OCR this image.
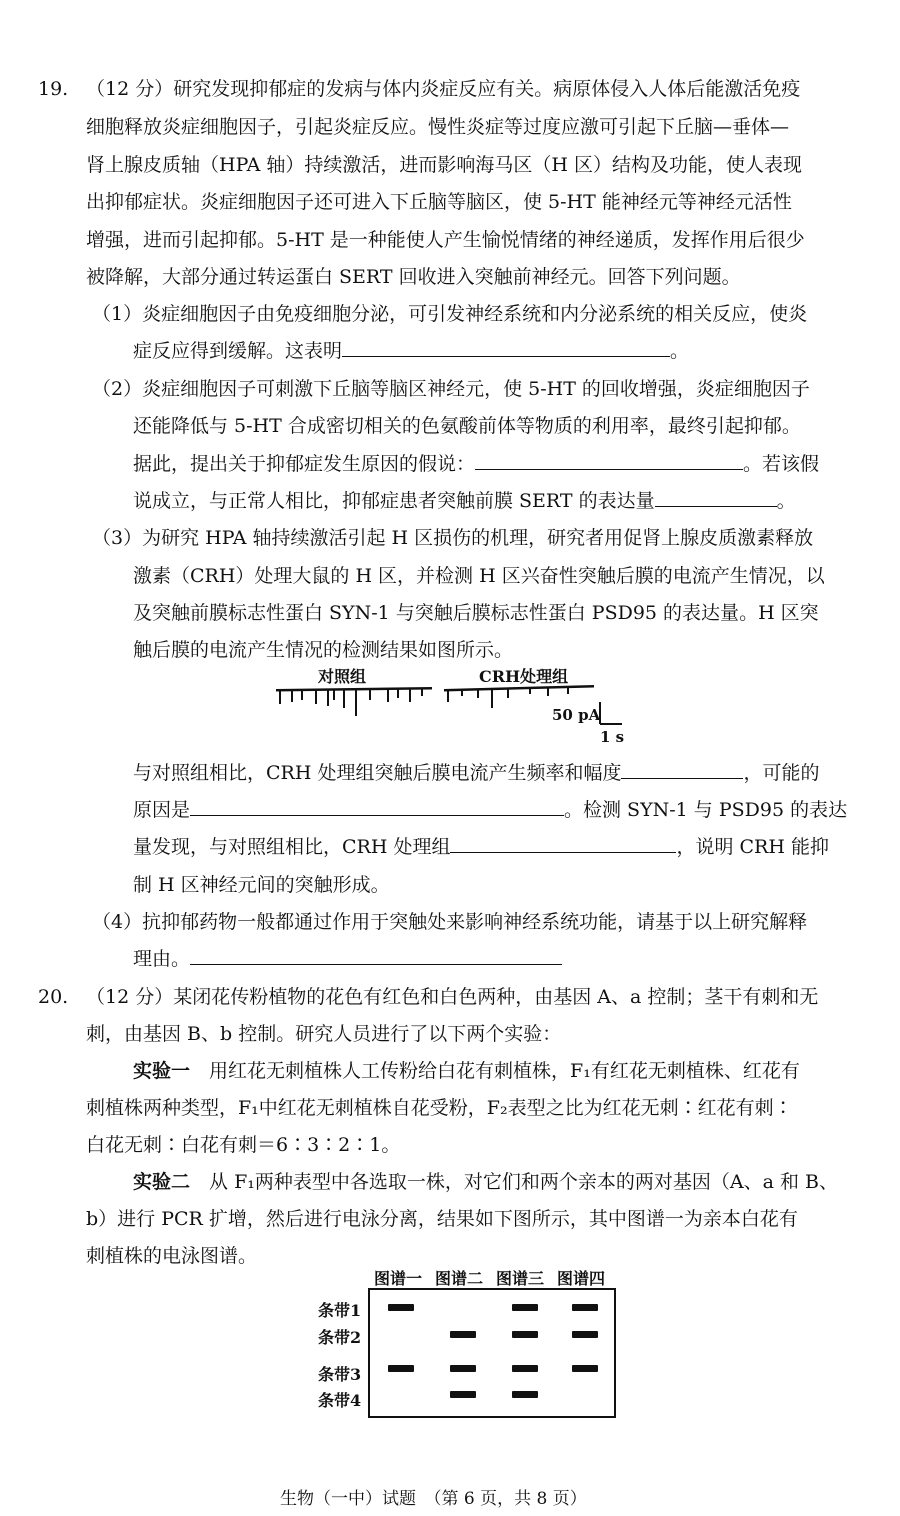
19. （12 分）研究发现抑郁症的发病与体内炎症反应有关。病原体侵入人体后能激活免疫
细胞释放炎症细胞因子，引起炎症反应。慢性炎症等过度应激可引起下丘脑—垂体—
肾上腺皮质轴（HPA 轴）持续激活，进而影响海马区（H 区）结构及功能，使人表现
出抑郁症状。炎症细胞因子还可进入下丘脑等脑区，使 5-HT 能神经元等神经元活性
增强，进而引起抑郁。5-HT 是一种能使人产生愉悦情绪的神经递质，发挥作用后很少
被降解，大部分通过转运蛋白 SERT 回收进入突触前神经元。回答下列问题。
（1）炎症细胞因子由免疫细胞分泌，可引发神经系统和内分泌系统的相关反应，使炎
症反应得到缓解。这表明	。
（2）炎症细胞因子可刺激下丘脑等脑区神经元，使 5-HT 的回收增强，炎症细胞因子
还能降低与 5-HT 合成密切相关的色氨酸前体等物质的利用率，最终引起抑郁。
据此，提出关于抑郁症发生原因的假说：	。若该假
说成立，与正常人相比，抑郁症患者突触前膜 SERT 的表达量	。
（3）为研究 HPA 轴持续激活引起 H 区损伤的机理，研究者用促肾上腺皮质激素释放
激素（CRH）处理大鼠的 H 区，并检测 H 区兴奋性突触后膜的电流产生情况，以
及突触前膜标志性蛋白 SYN-1 与突触后膜标志性蛋白 PSD95 的表达量。H 区突
触后膜的电流产生情况的检测结果如图所示。
对照组	CRH处理组
50 pA
1 s
与对照组相比，CRH 处理组突触后膜电流产生频率和幅度	，可能的
原因是	。检测 SYN-1 与 PSD95 的表达
量发现，与对照组相比，CRH 处理组	，说明 CRH 能抑
制 H 区神经元间的突触形成。
（4）抗抑郁药物一般都通过作用于突触处来影响神经系统功能，请基于以上研究解释
理由。
20. （12 分）某闭花传粉植物的花色有红色和白色两种，由基因 A、a 控制；茎干有刺和无
刺，由基因 B、b 控制。研究人员进行了以下两个实验：
实验一　 用红花无刺植株人工传粉给白花有刺植株，F₁有红花无刺植株、红花有
刺植株两种类型，F₁中红花无刺植株自花受粉，F₂表型之比为红花无刺∶红花有刺∶
白花无刺∶白花有刺＝6∶3∶2∶1。
实验二　 从 F₁两种表型中各选取一株，对它们和两个亲本的两对基因（A、a 和 B、
b）进行 PCR 扩增，然后进行电泳分离，结果如下图所示，其中图谱一为亲本白花有
刺植株的电泳图谱。
图谱一 图谱二 图谱三 图谱四
条带1
条带2
条带3
条带4
生物（一中）试题　（第 6 页，共 8 页）
